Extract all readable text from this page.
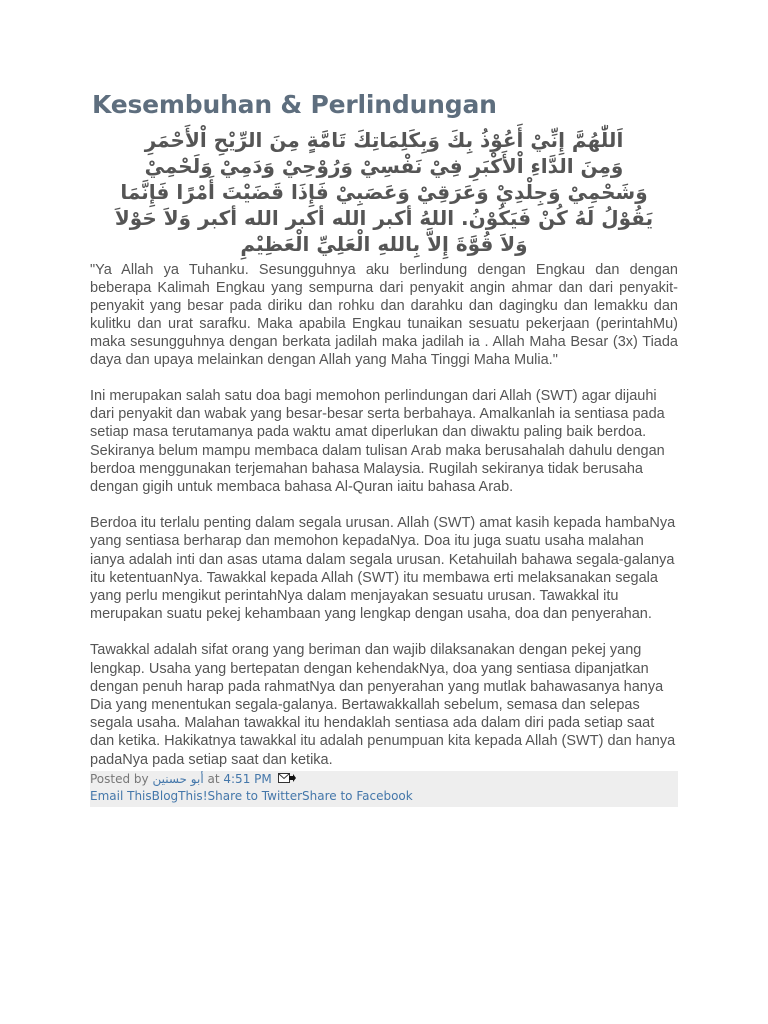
Kesembuhan & Perlindungan
اَللّٰهُمَّ إِنِّيْ أَعُوْذُ بِكَ وَبِكَلِمَاتِكَ تَامَّةٍ مِنَ الرِّيْحِ اْلأَحْمَرِ
وَمِنَ الدَّاءِ اْلأَكْبَرِ فِيْ نَفْسِيْ وَرُوْحِيْ وَدَمِيْ وَلَحْمِيْ
وَشَحْمِيْ وَجِلْدِيْ وَعَرَقِيْ وَعَصَبِيْ فَإِذَا قَضَيْتَ أَمْرًا فَإِنَّمَا
يَقُوْلُ لَهُ كُنْ فَيَكُوْنُ. اللهُ أكبر الله أكبر الله أكبر وَلاَ حَوْلاَ
وَلاَ قُوَّةَ إِلاَّ بِاللهِ الْعَلِيِّ الْعَظِيْمِ

"Ya Allah ya Tuhanku. Sesungguhnya aku berlindung dengan Engkau dan dengan beberapa Kalimah Engkau yang sempurna dari penyakit angin ahmar dan dari penyakit-penyakit yang besar pada diriku dan rohku dan darahku dan dagingku dan lemakku dan kulitku dan urat sarafku. Maka apabila Engkau tunaikan sesuatu pekerjaan (perintahMu) maka sesungguhnya dengan berkata jadilah maka jadilah ia . Allah Maha Besar (3x) Tiada daya dan upaya melainkan dengan Allah yang Maha Tinggi Maha Mulia."

Ini merupakan salah satu doa bagi memohon perlindungan dari Allah (SWT) agar dijauhi dari penyakit dan wabak yang besar-besar serta berbahaya. Amalkanlah ia sentiasa pada setiap masa terutamanya pada waktu amat diperlukan dan diwaktu paling baik berdoa. Sekiranya belum mampu membaca dalam tulisan Arab maka berusahalah dahulu dengan berdoa menggunakan terjemahan bahasa Malaysia. Rugilah sekiranya tidak berusaha dengan gigih untuk membaca bahasa Al-Quran iaitu bahasa Arab.

Berdoa itu terlalu penting dalam segala urusan. Allah (SWT) amat kasih kepada hambaNya yang sentiasa berharap dan memohon kepadaNya. Doa itu juga suatu usaha malahan ianya adalah inti dan asas utama dalam segala urusan. Ketahuilah bahawa segala-galanya itu ketentuanNya. Tawakkal kepada Allah (SWT) itu membawa erti melaksanakan segala yang perlu mengikut perintahNya dalam menjayakan sesuatu urusan. Tawakkal itu merupakan suatu pekej kehambaan yang lengkap dengan usaha, doa dan penyerahan.

Tawakkal adalah sifat orang yang beriman dan wajib dilaksanakan dengan pekej yang lengkap. Usaha yang bertepatan dengan kehendakNya, doa yang sentiasa dipanjatkan dengan penuh harap pada rahmatNya dan penyerahan yang mutlak bahawasanya hanya Dia yang menentukan segala-galanya. Bertawakkallah sebelum, semasa dan selepas segala usaha. Malahan tawakkal itu hendaklah sentiasa ada dalam diri pada setiap saat dan ketika. Hakikatnya tawakkal itu adalah penumpuan kita kepada Allah (SWT) dan hanya padaNya pada setiap saat dan ketika.

Posted by أبو حسنين at 4:51 PM
Email ThisBlogThis!Share to TwitterShare to Facebook
